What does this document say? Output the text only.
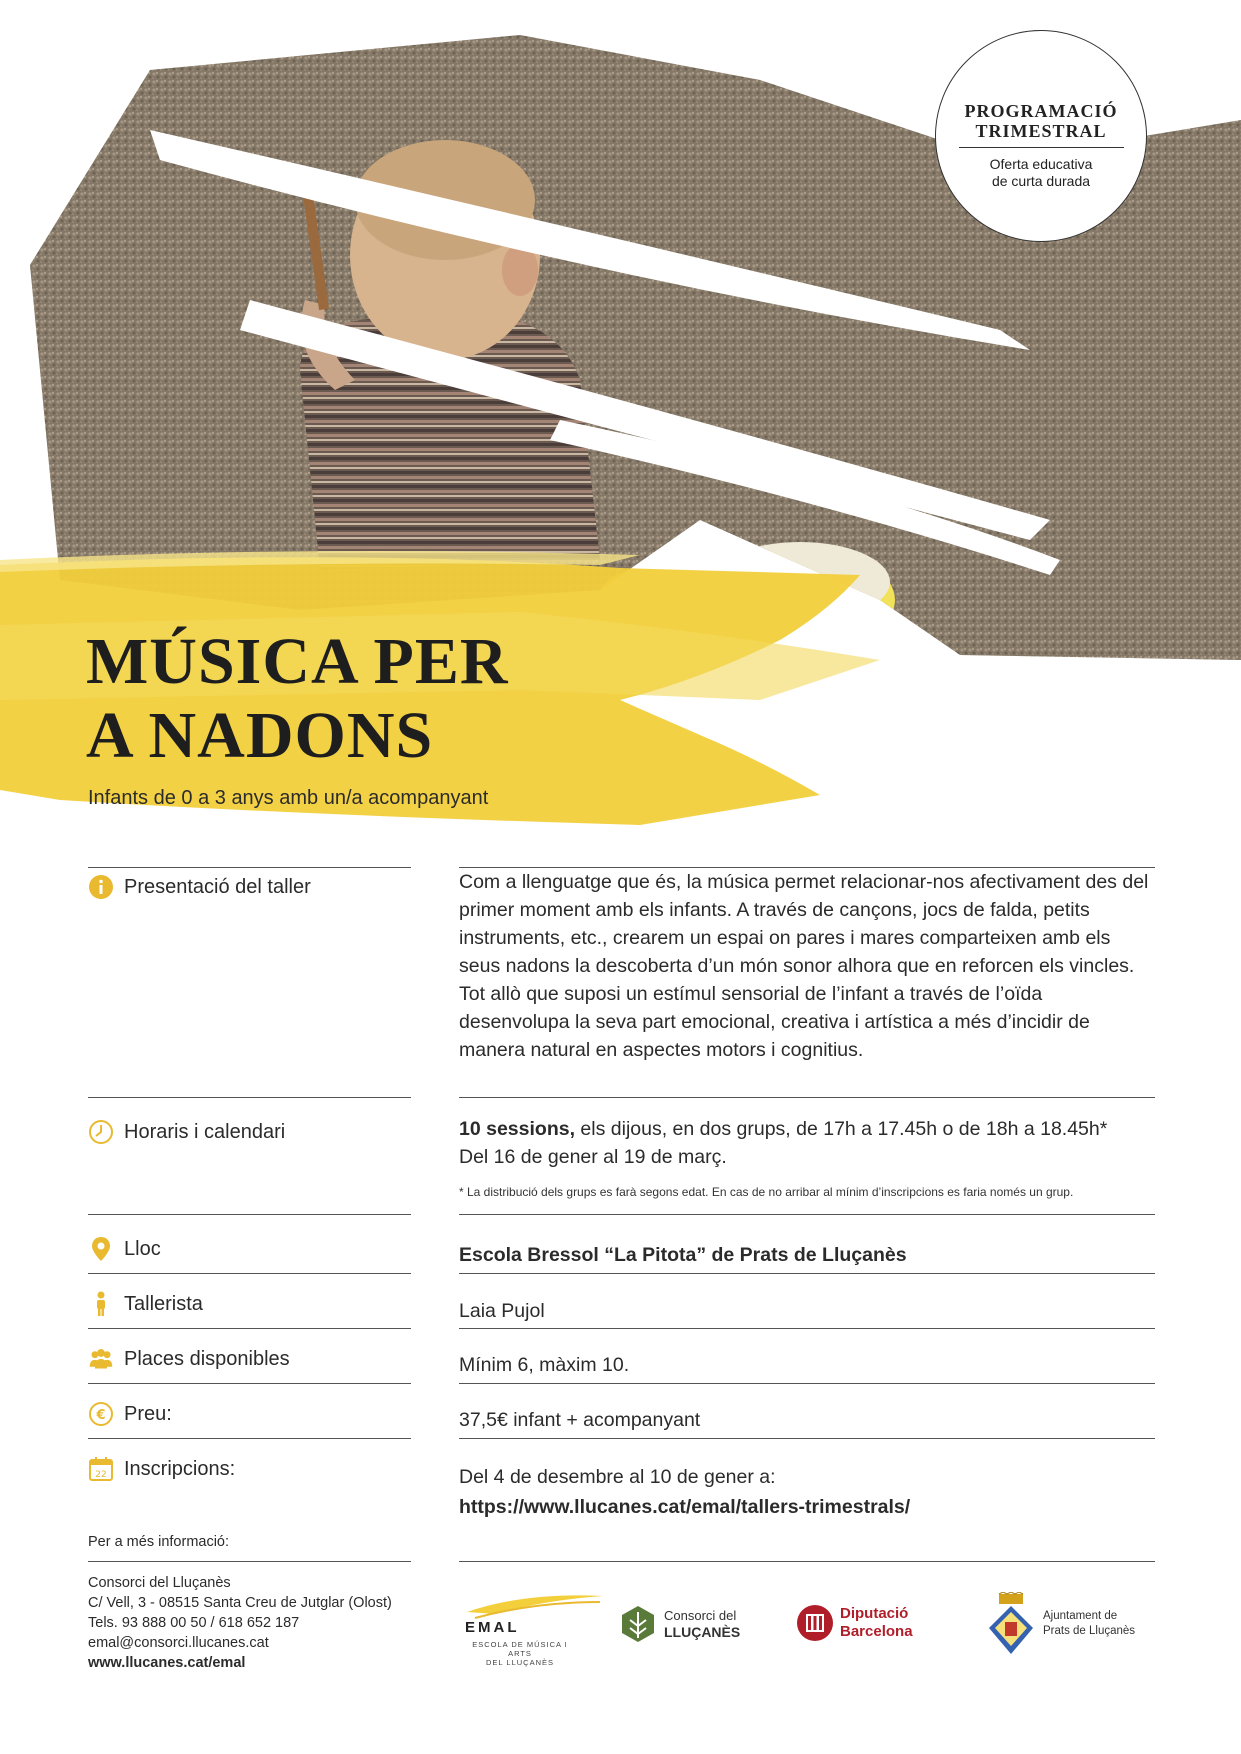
PROGRAMACIÓ
TRIMESTRAL
Oferta educativa
de curta durada
MÚSICA PER
A NADONS
Infants de 0 a 3 anys amb un/a acompanyant
Presentació del taller	Com a llenguatge que és, la música permet relacionar-nos afectivament des del primer moment amb els infants. A través de cançons, jocs de falda, petits instruments, etc., crearem un espai on pares i mares comparteixen amb els seus nadons la descoberta d’un món sonor alhora que en reforcen els vincles.
Tot allò que suposi un estímul sensorial de l’infant a través de l’oïda desenvolupa la seva part emocional, creativa i artística a més d’incidir de manera natural en aspectes motors i cognitius.
Horaris i calendari	10 sessions, els dijous, en dos grups, de 17h a 17.45h o de 18h a 18.45h*
Del 16 de gener al 19 de març.
* La distribució dels grups es farà segons edat. En cas de no arribar al mínim d’inscripcions es faria només un grup.
Lloc	Escola Bressol “La Pitota” de Prats de Lluçanès
Tallerista	Laia Pujol
Places disponibles	Mínim 6, màxim 10.
€ Preu:	37,5€ infant + acompanyant
22 Inscripcions:	Del 4 de desembre al 10 de gener a:
https://www.llucanes.cat/emal/tallers-trimestrals/
Per a més informació:
Consorci del Lluçanès
C/ Vell, 3 - 08515 Santa Creu de Jutglar (Olost)
Tels. 93 888 00 50 / 618 652 187
emal@consorci.llucanes.cat
www.llucanes.cat/emal
EMAL
ESCOLA DE MÚSICA I ARTS
DEL LLUÇANÈS
Consorci del
LLUÇANÈS
Diputació
Barcelona
Ajuntament de
Prats de Lluçanès
